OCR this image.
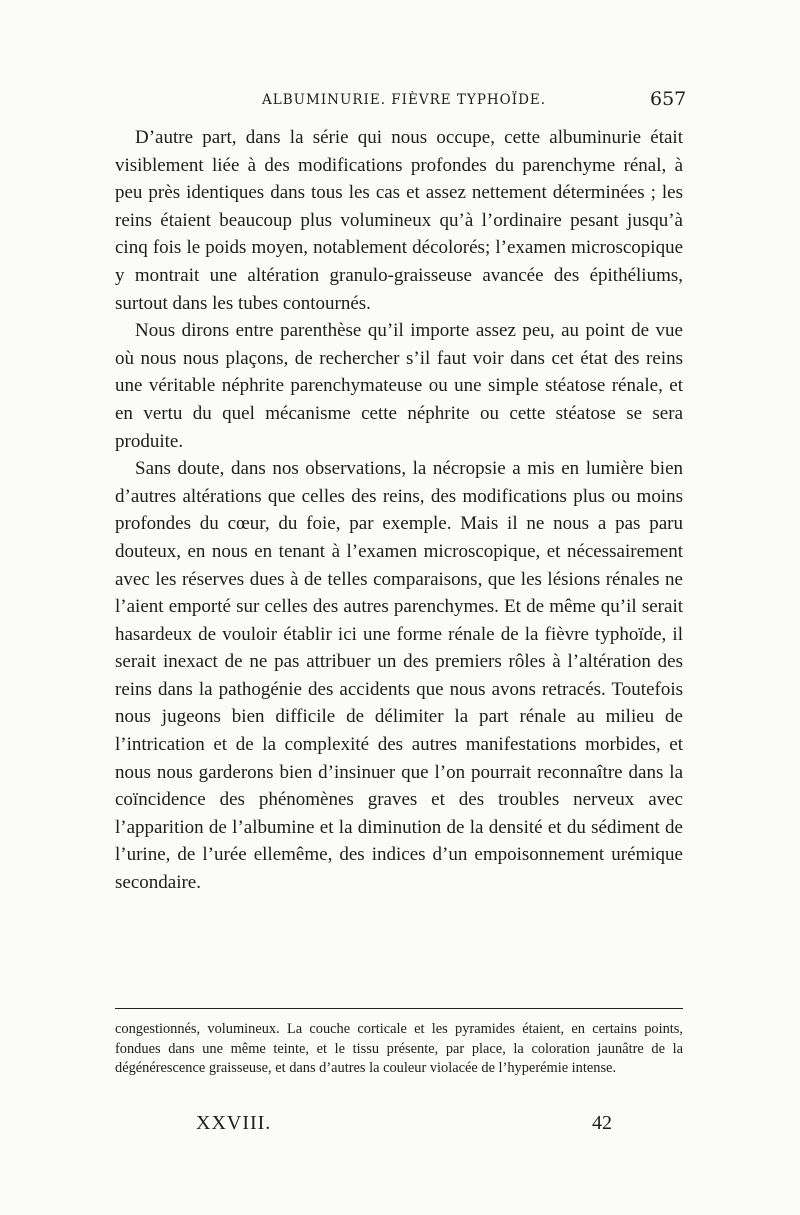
ALBUMINURIE. FIÈVRE TYPHOÏDE.	657

D’autre part, dans la série qui nous occupe, cette albuminurie était visiblement liée à des modifications profondes du parenchyme rénal, à peu près identiques dans tous les cas et assez nettement déterminées ; les reins étaient beaucoup plus volumineux qu’à l’ordinaire pesant jusqu’à cinq fois le poids moyen, notablement décolorés; l’examen microscopique y montrait une altération granulo-graisseuse avancée des épithéliums, surtout dans les tubes contournés.

Nous dirons entre parenthèse qu’il importe assez peu, au point de vue où nous nous plaçons, de rechercher s’il faut voir dans cet état des reins une véritable néphrite parenchymateuse ou une simple stéatose rénale, et en vertu du quel mécanisme cette néphrite ou cette stéatose se sera produite.

Sans doute, dans nos observations, la nécropsie a mis en lumière bien d’autres altérations que celles des reins, des modifications plus ou moins profondes du cœur, du foie, par exemple. Mais il ne nous a pas paru douteux, en nous en tenant à l’examen microscopique, et nécessairement avec les réserves dues à de telles comparaisons, que les lésions rénales ne l’aient emporté sur celles des autres parenchymes. Et de même qu’il serait hasardeux de vouloir établir ici une forme rénale de la fièvre typhoïde, il serait inexact de ne pas attribuer un des premiers rôles à l’altération des reins dans la pathogénie des accidents que nous avons retracés. Toutefois nous jugeons bien difficile de délimiter la part rénale au milieu de l’intrication et de la complexité des autres manifestations morbides, et nous nous garderons bien d’insinuer que l’on pourrait reconnaître dans la coïncidence des phénomènes graves et des troubles nerveux avec l’apparition de l’albumine et la diminution de la densité et du sédiment de l’urine, de l’urée ellemême, des indices d’un empoisonnement urémique secondaire.

congestionnés, volumineux. La couche corticale et les pyramides étaient, en certains points, fondues dans une même teinte, et le tissu présente, par place, la coloration jaunâtre de la dégénérescence graisseuse, et dans d’autres la couleur violacée de l’hyperémie intense.
XXVIII.	42
